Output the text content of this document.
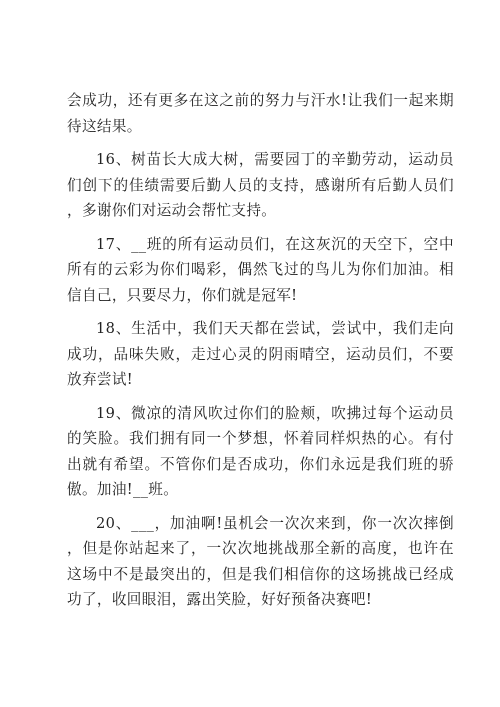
会成功，还有更多在这之前的努力与汗水!让我们一起来期待这结果。

16、树苗长大成大树，需要园丁的辛勤劳动，运动员们创下的佳绩需要后勤人员的支持，感谢所有后勤人员们，多谢你们对运动会帮忙支持。

17、__班的所有运动员们，在这灰沉的天空下，空中所有的云彩为你们喝彩，偶然飞过的鸟儿为你们加油。相信自己，只要尽力，你们就是冠军!

18、生活中，我们天天都在尝试，尝试中，我们走向成功，品味失败，走过心灵的阴雨晴空，运动员们，不要放弃尝试!

19、微凉的清风吹过你们的脸颊，吹拂过每个运动员的笑脸。我们拥有同一个梦想，怀着同样炽热的心。有付出就有希望。不管你们是否成功，你们永远是我们班的骄傲。加油!__班。

20、___，加油啊!虽机会一次次来到，你一次次摔倒，但是你站起来了，一次次地挑战那全新的高度，也许在这场中不是最突出的，但是我们相信你的这场挑战已经成功了，收回眼泪，露出笑脸，好好预备决赛吧!
